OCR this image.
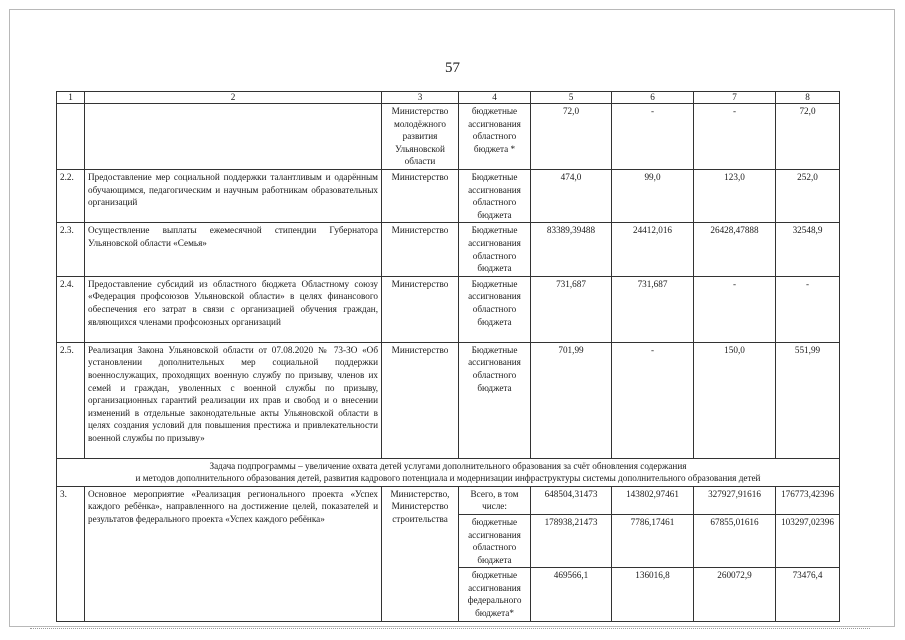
57
1	2	3	4	5	6	7	8
		Министерство молодёжного развития Ульяновской области	бюджетные ассигнования областного бюджета *	72,0	-	-	72,0
2.2.	Предоставление мер социальной поддержки талантливым и одарённым обучающимся, педагогическим и научным работникам образовательных организаций	Министерство	Бюджетные ассигнования областного бюджета	474,0	99,0	123,0	252,0
2.3.	Осуществление выплаты ежемесячной стипендии Губернатора Ульяновской области «Семья»	Министерство	Бюджетные ассигнования областного бюджета	83389,39488	24412,016	26428,47888	32548,9
2.4.	Предоставление субсидий из областного бюджета Областному союзу «Федерация профсоюзов Ульяновской области» в целях финансового обеспечения его затрат в связи с организацией обучения граждан, являющихся членами профсоюзных организаций	Министерство	Бюджетные ассигнования областного бюджета	731,687	731,687	-	-
2.5.	Реализация Закона Ульяновской области от 07.08.2020 № 73-ЗО «Об установлении дополнительных мер социальной поддержки военнослужащих, проходящих военную службу по призыву, членов их семей и граждан, уволенных с военной службы по призыву, организационных гарантий реализации их прав и свобод и о внесении изменений в отдельные законодательные акты Ульяновской области в целях создания условий для повышения престижа и привлекательности военной службы по призыву»	Министерство	Бюджетные ассигнования областного бюджета	701,99	-	150,0	551,99

Задача подпрограммы – увеличение охвата детей услугами дополнительного образования за счёт обновления содержания
и методов дополнительного образования детей, развития кадрового потенциала и модернизации инфраструктуры системы дополнительного образования детей							

3.	Основное мероприятие «Реализация регионального проекта «Успех каждого ребёнка», направленного на достижение целей, показателей и результатов федерального проекта «Успех каждого ребёнка»	Министерство, Министерство строительства	Всего, в том числе:	648504,31473	143802,97461	327927,91616	176773,42396
			бюджетные ассигнования областного бюджета	178938,21473	7786,17461	67855,01616	103297,02396
			бюджетные ассигнования федерального бюджета*	469566,1	136016,8	260072,9	73476,4
